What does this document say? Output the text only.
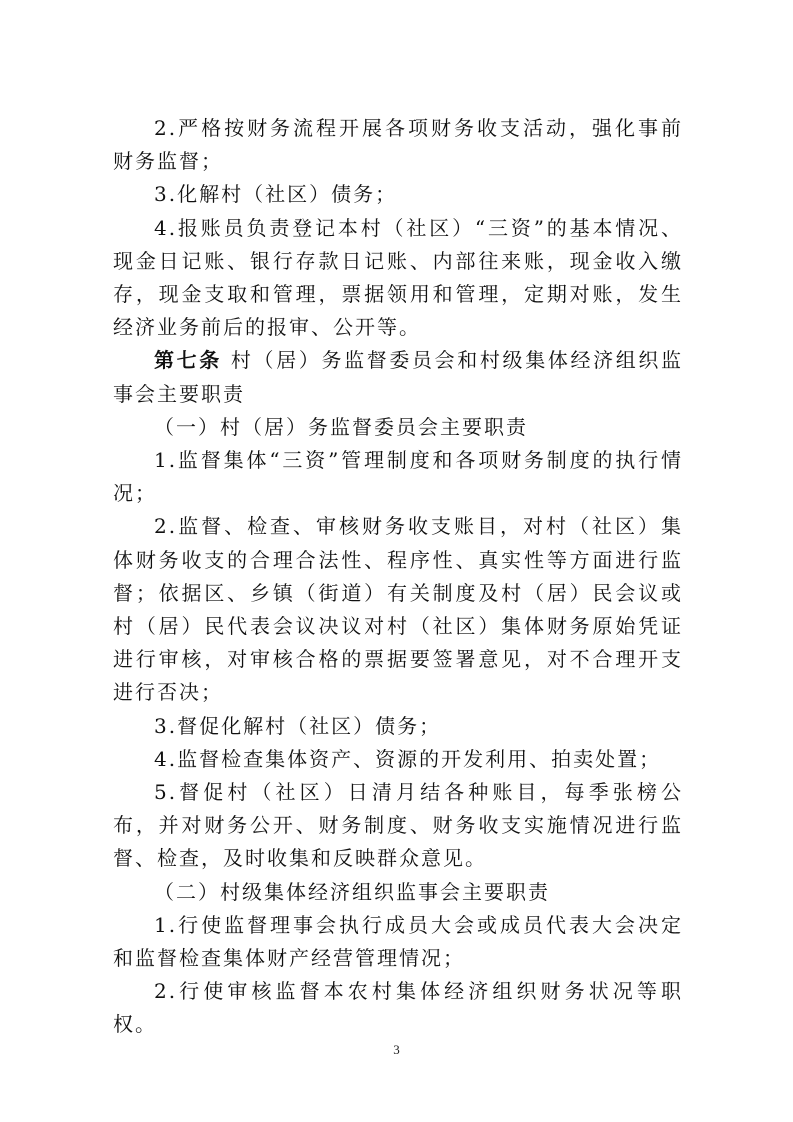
2.严格按财务流程开展各项财务收支活动，强化事前财务监督；

3.化解村（社区）债务；

4.报账员负责登记本村（社区）“三资”的基本情况、现金日记账、银行存款日记账、内部往来账，现金收入缴存，现金支取和管理，票据领用和管理，定期对账，发生经济业务前后的报审、公开等。

第七条 村（居）务监督委员会和村级集体经济组织监事会主要职责

（一）村（居）务监督委员会主要职责

1.监督集体“三资”管理制度和各项财务制度的执行情况；

2.监督、检查、审核财务收支账目，对村（社区）集体财务收支的合理合法性、程序性、真实性等方面进行监督；依据区、乡镇（街道）有关制度及村（居）民会议或村（居）民代表会议决议对村（社区）集体财务原始凭证进行审核，对审核合格的票据要签署意见，对不合理开支进行否决；

3.督促化解村（社区）债务；

4.监督检查集体资产、资源的开发利用、拍卖处置；

5.督促村（社区）日清月结各种账目，每季张榜公布，并对财务公开、财务制度、财务收支实施情况进行监督、检查，及时收集和反映群众意见。

（二）村级集体经济组织监事会主要职责

1.行使监督理事会执行成员大会或成员代表大会决定和监督检查集体财产经营管理情况；

2.行使审核监督本农村集体经济组织财务状况等职权。

3
